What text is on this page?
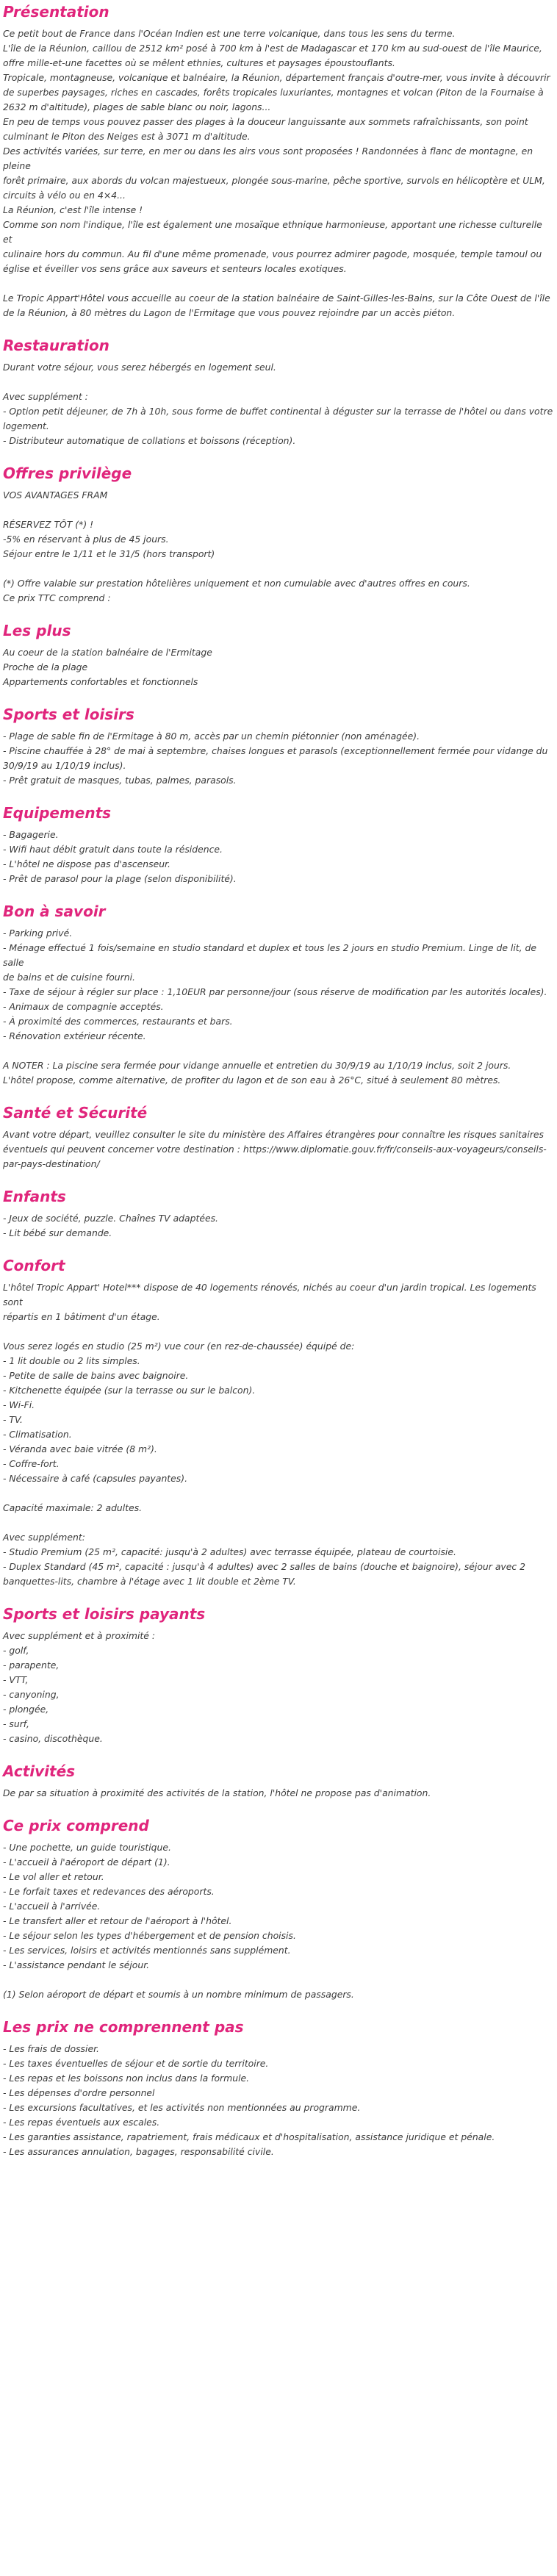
Présentation

Ce petit bout de France dans l'Océan Indien est une terre volcanique, dans tous les sens du terme.

L'île de la Réunion, caillou de 2512 km² posé à 700 km à l'est de Madagascar et 170 km au sud-ouest de l'île Maurice,

offre mille-et-une facettes où se mêlent ethnies, cultures et paysages époustouflants.

Tropicale, montagneuse, volcanique et balnéaire, la Réunion, département français d'outre-mer, vous invite à découvrir

de superbes paysages, riches en cascades, forêts tropicales luxuriantes, montagnes et volcan (Piton de la Fournaise à

2632 m d'altitude), plages de sable blanc ou noir, lagons...

En peu de temps vous pouvez passer des plages à la douceur languissante aux sommets rafraîchissants, son point

culminant le Piton des Neiges est à 3071 m d'altitude.

Des activités variées, sur terre, en mer ou dans les airs vous sont proposées ! Randonnées à flanc de montagne, en pleine

forêt primaire, aux abords du volcan majestueux, plongée sous-marine, pêche sportive, survols en hélicoptère et ULM,

circuits à vélo ou en 4×4...

La Réunion, c'est l'île intense !

Comme son nom l'indique, l'île est également une mosaïque ethnique harmonieuse, apportant une richesse culturelle et

culinaire hors du commun. Au fil d'une même promenade, vous pourrez admirer pagode, mosquée, temple tamoul ou

église et éveiller vos sens grâce aux saveurs et senteurs locales exotiques.

Le Tropic Appart'Hôtel vous accueille au coeur de la station balnéaire de Saint-Gilles-les-Bains, sur la Côte Ouest de l'île

de la Réunion, à 80 mètres du Lagon de l'Ermitage que vous pouvez rejoindre par un accès piéton.

Restauration

Durant votre séjour, vous serez hébergés en logement seul.

Avec supplément :

- Option petit déjeuner, de 7h à 10h, sous forme de buffet continental à déguster sur la terrasse de l'hôtel ou dans votre

logement.

- Distributeur automatique de collations et boissons (réception).

Offres privilège

VOS AVANTAGES FRAM

RÉSERVEZ TÔT (*) !

-5% en réservant à plus de 45 jours.

Séjour entre le 1/11 et le 31/5 (hors transport)

(*) Offre valable sur prestation hôtelières uniquement et non cumulable avec d'autres offres en cours.

Ce prix TTC comprend :

Les plus

Au coeur de la station balnéaire de l'Ermitage

Proche de la plage

Appartements confortables et fonctionnels

Sports et loisirs

- Plage de sable fin de l'Ermitage à 80 m, accès par un chemin piétonnier (non aménagée).

- Piscine chauffée à 28° de mai à septembre, chaises longues et parasols (exceptionnellement fermée pour vidange du

30/9/19 au 1/10/19 inclus).

- Prêt gratuit de masques, tubas, palmes, parasols.

Equipements

- Bagagerie.

- Wifi haut débit gratuit dans toute la résidence.

- L'hôtel ne dispose pas d'ascenseur.

- Prêt de parasol pour la plage (selon disponibilité).

Bon à savoir

- Parking privé.

- Ménage effectué 1 fois/semaine en studio standard et duplex et tous les 2 jours en studio Premium. Linge de lit, de salle

de bains et de cuisine fourni.

- Taxe de séjour à régler sur place : 1,10EUR par personne/jour (sous réserve de modification par les autorités locales).

- Animaux de compagnie acceptés.

- À proximité des commerces, restaurants et bars.

- Rénovation extérieur récente.

A NOTER : La piscine sera fermée pour vidange annuelle et entretien du 30/9/19 au 1/10/19 inclus, soit 2 jours.

L'hôtel propose, comme alternative, de profiter du lagon et de son eau à 26°C, situé à seulement 80 mètres.

Santé et Sécurité

Avant votre départ, veuillez consulter le site du ministère des Affaires étrangères pour connaître les risques sanitaires

éventuels qui peuvent concerner votre destination : https://www.diplomatie.gouv.fr/fr/conseils-aux-voyageurs/conseils-

par-pays-destination/

Enfants

- Jeux de société, puzzle. Chaînes TV adaptées.

- Lit bébé sur demande.

Confort

L'hôtel Tropic Appart' Hotel*** dispose de 40 logements rénovés, nichés au coeur d'un jardin tropical. Les logements sont

répartis en 1 bâtiment d'un étage.

Vous serez logés en studio (25 m²) vue cour (en rez-de-chaussée) équipé de:

- 1 lit double ou 2 lits simples.

- Petite de salle de bains avec baignoire.

- Kitchenette équipée (sur la terrasse ou sur le balcon).

- Wi-Fi.

- TV.

- Climatisation.

- Véranda avec baie vitrée (8 m²).

- Coffre-fort.

- Nécessaire à café (capsules payantes).

Capacité maximale: 2 adultes.

Avec supplément:

- Studio Premium (25 m², capacité: jusqu'à 2 adultes) avec terrasse équipée, plateau de courtoisie.

- Duplex Standard (45 m², capacité : jusqu'à 4 adultes) avec 2 salles de bains (douche et baignoire), séjour avec 2

banquettes-lits, chambre à l'étage avec 1 lit double et 2ème TV.

Sports et loisirs payants

Avec supplément et à proximité :

- golf,

- parapente,

- VTT,

- canyoning,

- plongée,

- surf,

- casino, discothèque.

Activités

De par sa situation à proximité des activités de la station, l'hôtel ne propose pas d'animation.

Ce prix comprend

- Une pochette, un guide touristique.

- L'accueil à l'aéroport de départ (1).

- Le vol aller et retour.

- Le forfait taxes et redevances des aéroports.

- L'accueil à l'arrivée.

- Le transfert aller et retour de l'aéroport à l'hôtel.

- Le séjour selon les types d'hébergement et de pension choisis.

- Les services, loisirs et activités mentionnés sans supplément.

- L'assistance pendant le séjour.

(1) Selon aéroport de départ et soumis à un nombre minimum de passagers.

Les prix ne comprennent pas

- Les frais de dossier.

- Les taxes éventuelles de séjour et de sortie du territoire.

- Les repas et les boissons non inclus dans la formule.

- Les dépenses d'ordre personnel

- Les excursions facultatives, et les activités non mentionnées au programme.

- Les repas éventuels aux escales.

- Les garanties assistance, rapatriement, frais médicaux et d'hospitalisation, assistance juridique et pénale.

- Les assurances annulation, bagages, responsabilité civile.
